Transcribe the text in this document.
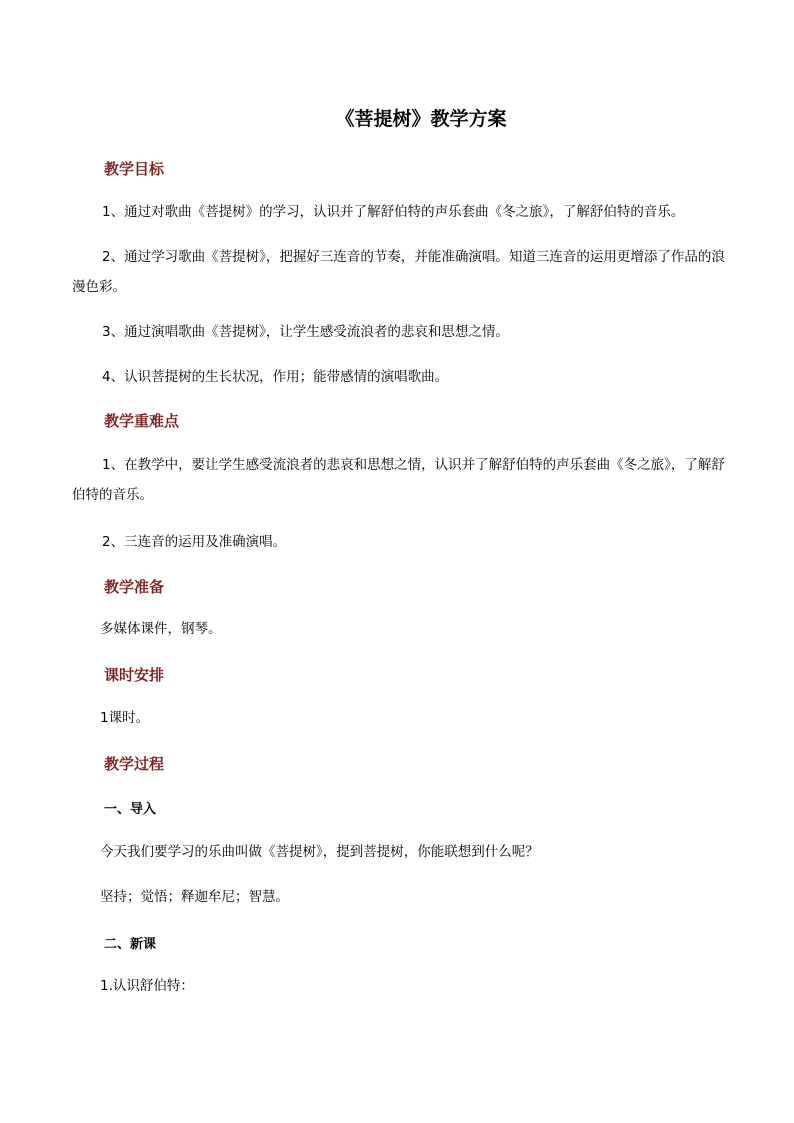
《菩提树》教学方案
教学目标
1、通过对歌曲《菩提树》的学习，认识并了解舒伯特的声乐套曲《冬之旅》，了解舒伯特的音乐。
2、通过学习歌曲《菩提树》，把握好三连音的节奏，并能准确演唱。知道三连音的运用更增添了作品的浪漫色彩。
3、通过演唱歌曲《菩提树》，让学生感受流浪者的悲哀和思想之情。
4、认识菩提树的生长状况，作用；能带感情的演唱歌曲。
教学重难点
1、在教学中，要让学生感受流浪者的悲哀和思想之情，认识并了解舒伯特的声乐套曲《冬之旅》，了解舒伯特的音乐。
2、三连音的运用及准确演唱。
教学准备
多媒体课件，钢琴。
课时安排
1课时。
教学过程
一、导入
今天我们要学习的乐曲叫做《菩提树》，提到菩提树，你能联想到什么呢？
坚持；觉悟；释迦牟尼；智慧。
二、新课
1.认识舒伯特：
